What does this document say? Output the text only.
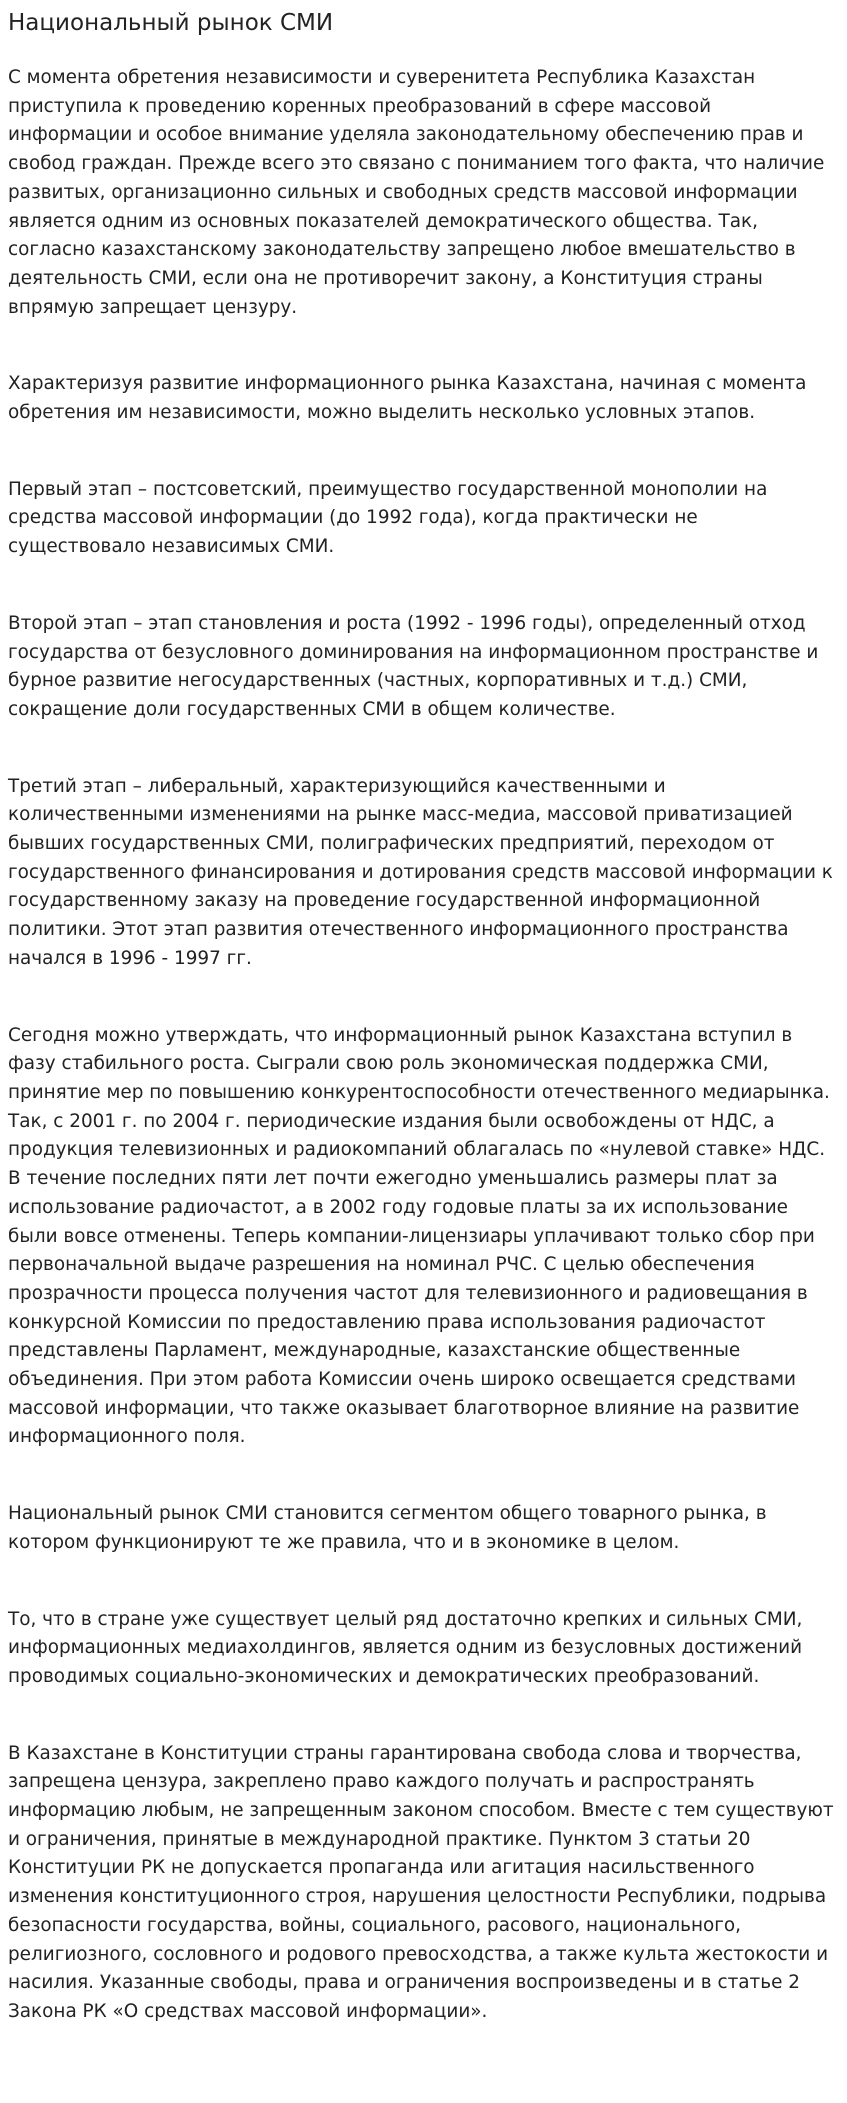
Национальный рынок СМИ

С момента обретения независимости и суверенитета Республика Казахстан приступила к проведению коренных преобразований в сфере массовой информации и особое внимание уделяла законодательному обеспечению прав и свобод граждан. Прежде всего это связано с пониманием того факта, что наличие развитых, организационно сильных и свободных средств массовой информации является одним из основных показателей демократического общества. Так, согласно казахстанскому законодательству запрещено любое вмешательство в деятельность СМИ, если она не противоречит закону, а Конституция страны впрямую запрещает цензуру.

Характеризуя развитие информационного рынка Казахстана, начиная с момента обретения им независимости, можно выделить несколько условных этапов.

Первый этап – постсоветский, преимущество государственной монополии на средства массовой информации (до 1992 года), когда практически не существовало независимых СМИ.

Второй этап – этап становления и роста (1992 - 1996 годы), определенный отход государства от безусловного доминирования на информационном пространстве и бурное развитие негосударственных (частных, корпоративных и т.д.) СМИ, сокращение доли государственных СМИ в общем количестве.

Третий этап – либеральный, характеризующийся качественными и количественными изменениями на рынке масс-медиа, массовой приватизацией бывших государственных СМИ, полиграфических предприятий, переходом от государственного финансирования и дотирования средств массовой информации к государственному заказу на проведение государственной информационной политики. Этот этап развития отечественного информационного пространства начался в 1996 - 1997 гг.

Сегодня можно утверждать, что информационный рынок Казахстана вступил в фазу стабильного роста. Сыграли свою роль экономическая поддержка СМИ, принятие мер по повышению конкурентоспособности отечественного медиарынка. Так, с 2001 г. по 2004 г. периодические издания были освобождены от НДС, а продукция телевизионных и радиокомпаний облагалась по «нулевой ставке» НДС. В течение последних пяти лет почти ежегодно уменьшались размеры плат за использование радиочастот, а в 2002 году годовые платы за их использование были вовсе отменены. Теперь компании-лицензиары уплачивают только сбор при первоначальной выдаче разрешения на номинал РЧС. С целью обеспечения прозрачности процесса получения частот для телевизионного и радиовещания в конкурсной Комиссии по предоставлению права использования радиочастот представлены Парламент, международные, казахстанские общественные объединения. При этом работа Комиссии очень широко освещается средствами массовой информации, что также оказывает благотворное влияние на развитие информационного поля.

Национальный рынок СМИ становится сегментом общего товарного рынка, в котором функционируют те же правила, что и в экономике в целом.

То, что в стране уже существует целый ряд достаточно крепких и сильных СМИ, информационных медиахолдингов, является одним из безусловных достижений проводимых социально-экономических и демократических преобразований.

В Казахстане в Конституции страны гарантирована свобода слова и творчества, запрещена цензура, закреплено право каждого получать и распространять информацию любым, не запрещенным законом способом. Вместе с тем существуют и ограничения, принятые в международной практике. Пунктом 3 статьи 20 Конституции РК не допускается пропаганда или агитация насильственного изменения конституционного строя, нарушения целостности Республики, подрыва безопасности государства, войны, социального, расового, национального, религиозного, сословного и родового превосходства, а также культа жестокости и насилия. Указанные свободы, права и ограничения воспроизведены и в статье 2 Закона РК «О средствах массовой информации».
